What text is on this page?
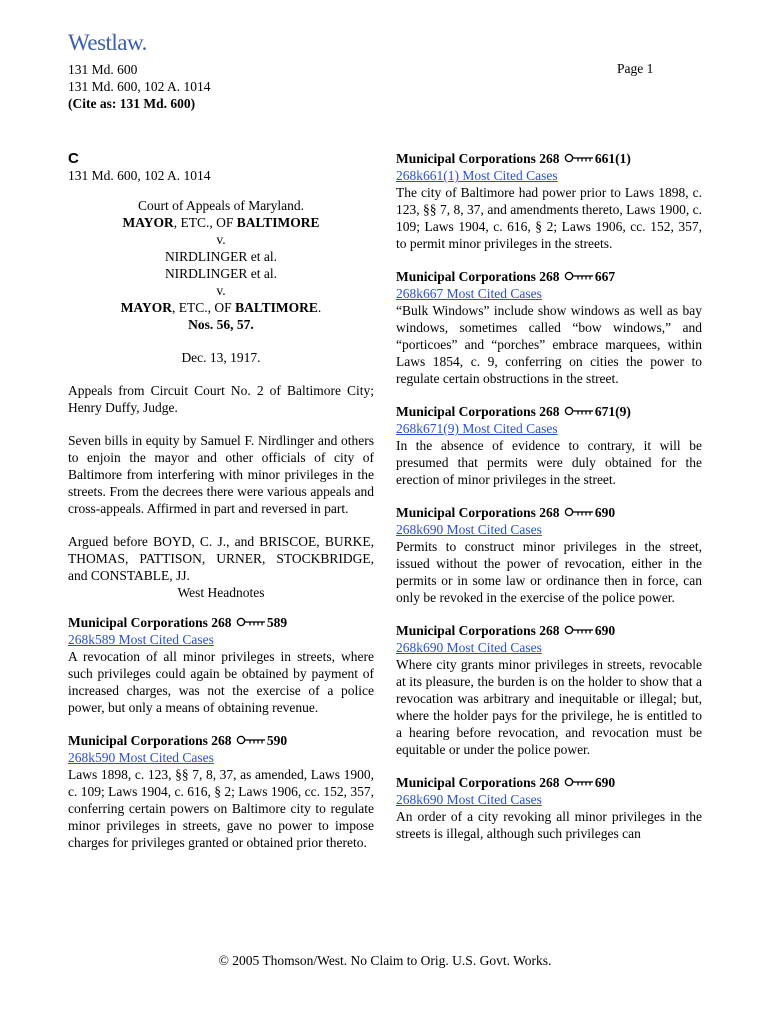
Westlaw.
131 Md. 600
131 Md. 600, 102 A. 1014
(Cite as: 131 Md. 600)
Page 1
C
131 Md. 600, 102 A. 1014
Court of Appeals of Maryland.
MAYOR, ETC., OF BALTIMORE
v.
NIRDLINGER et al.
NIRDLINGER et al.
v.
MAYOR, ETC., OF BALTIMORE.
Nos. 56, 57.
Dec. 13, 1917.
Appeals from Circuit Court No. 2 of Baltimore City; Henry Duffy, Judge.
Seven bills in equity by Samuel F. Nirdlinger and others to enjoin the mayor and other officials of city of Baltimore from interfering with minor privileges in the streets. From the decrees there were various appeals and cross-appeals. Affirmed in part and reversed in part.
Argued before BOYD, C. J., and BRISCOE, BURKE, THOMAS, PATTISON, URNER, STOCKBRIDGE, and CONSTABLE, JJ.
West Headnotes
Municipal Corporations 268 589
268k589 Most Cited Cases
A revocation of all minor privileges in streets, where such privileges could again be obtained by payment of increased charges, was not the exercise of a police power, but only a means of obtaining revenue.
Municipal Corporations 268 590
268k590 Most Cited Cases
Laws 1898, c. 123, §§ 7, 8, 37, as amended, Laws 1900, c. 109; Laws 1904, c. 616, § 2; Laws 1906, cc. 152, 357, conferring certain powers on Baltimore city to regulate minor privileges in streets, gave no power to impose charges for privileges granted or obtained prior thereto.
Municipal Corporations 268 661(1)
268k661(1) Most Cited Cases
The city of Baltimore had power prior to Laws 1898, c. 123, §§ 7, 8, 37, and amendments thereto, Laws 1900, c. 109; Laws 1904, c. 616, § 2; Laws 1906, cc. 152, 357, to permit minor privileges in the streets.
Municipal Corporations 268 667
268k667 Most Cited Cases
“Bulk Windows” include show windows as well as bay windows, sometimes called “bow windows,” and “porticoes” and “porches” embrace marquees, within Laws 1854, c. 9, conferring on cities the power to regulate certain obstructions in the street.
Municipal Corporations 268 671(9)
268k671(9) Most Cited Cases
In the absence of evidence to contrary, it will be presumed that permits were duly obtained for the erection of minor privileges in the street.
Municipal Corporations 268 690
268k690 Most Cited Cases
Permits to construct minor privileges in the street, issued without the power of revocation, either in the permits or in some law or ordinance then in force, can only be revoked in the exercise of the police power.
Municipal Corporations 268 690
268k690 Most Cited Cases
Where city grants minor privileges in streets, revocable at its pleasure, the burden is on the holder to show that a revocation was arbitrary and inequitable or illegal; but, where the holder pays for the privilege, he is entitled to a hearing before revocation, and revocation must be equitable or under the police power.
Municipal Corporations 268 690
268k690 Most Cited Cases
An order of a city revoking all minor privileges in the streets is illegal, although such privileges can
© 2005 Thomson/West. No Claim to Orig. U.S. Govt. Works.
